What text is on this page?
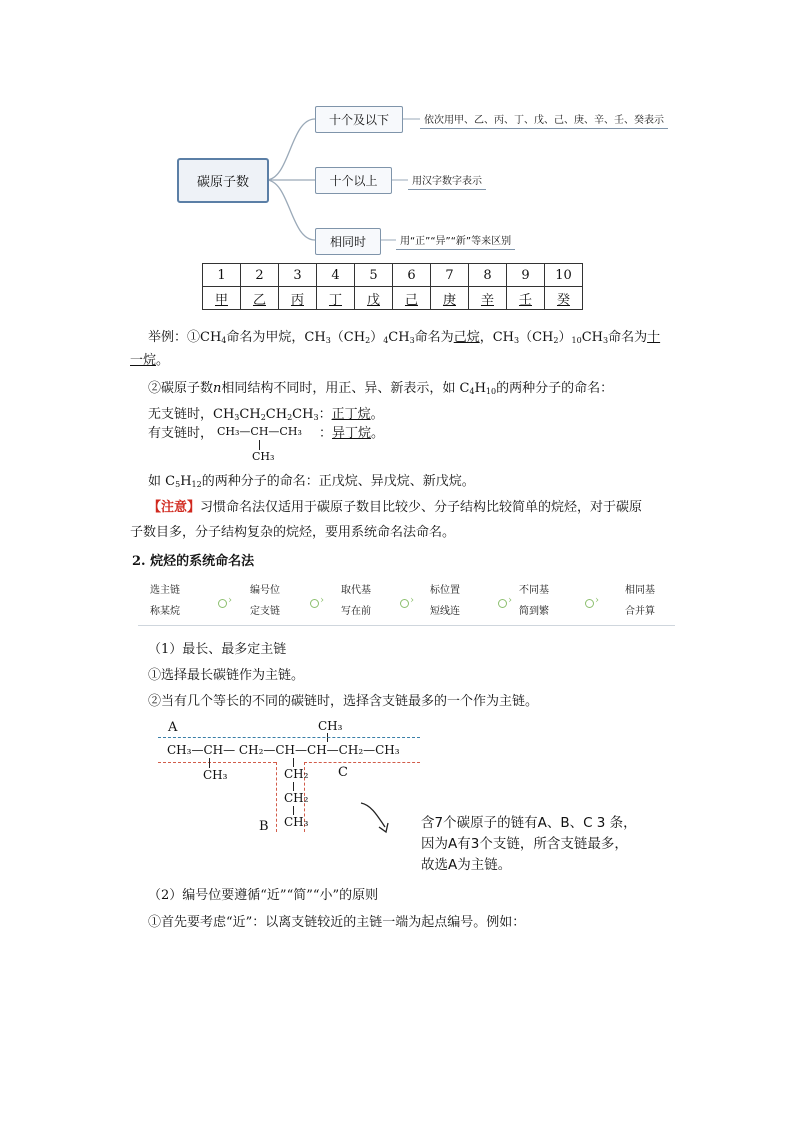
碳原子数
十个及以下
十个以上
相同时
依次用甲、乙、丙、丁、戊、己、庚、辛、壬、癸表示
用汉字数字表示
用“正”“异”“新”等来区别
1	2	3	4	5	6	7	8	9	10
甲	乙	丙	丁	戊	己	庚	辛	壬	癸
举例：$①CH_4$命名为甲烷，$CH_3(CH_2)_4CH_3$命名为己烷，$CH_3(CH_2)_{10}CH_3$命名为十
一烷。
②碳原子数n相同结构不同时，用正、异、新表示，如 $C_4H_{10}$的两种分子的命名：
无支链时，$CH_3CH_2CH_2CH_3$：正丁烷。
有支链时， CH₃—CH—CH₃
CH₃
：异丁烷。
如 $C_5H_{12}$的两种分子的命名：正戊烷、异戊烷、新戊烷。
【注意】习惯命名法仅适用于碳原子数目比较少、分子结构比较简单的烷烃，对于碳原
子数目多，分子结构复杂的烷烃，要用系统命名法命名。
2. 烷烃的系统命名法
选主链
称某烷
›
编号位
定支链
›
取代基
写在前
›
标位置
短线连
›
不同基
简到繁
›
相同基
合并算
（1）最长、最多定主链
①选择最长碳链作为主链。
②当有几个等长的不同的碳链时，选择含支链最多的一个作为主链。
A	CH₃
CH₃—CH— CH₂—CH—CH—CH₂—CH₃
CH₃	CH₂
CH₂
CH₃
C
B	含7个碳原子的链有A、B、C 3 条，
因为A有3个支链，所含支链最多，
故选A为主链。
（2）编号位要遵循“近”“简”“小”的原则
①首先要考虑“近”：以离支链较近的主链一端为起点编号。例如：
